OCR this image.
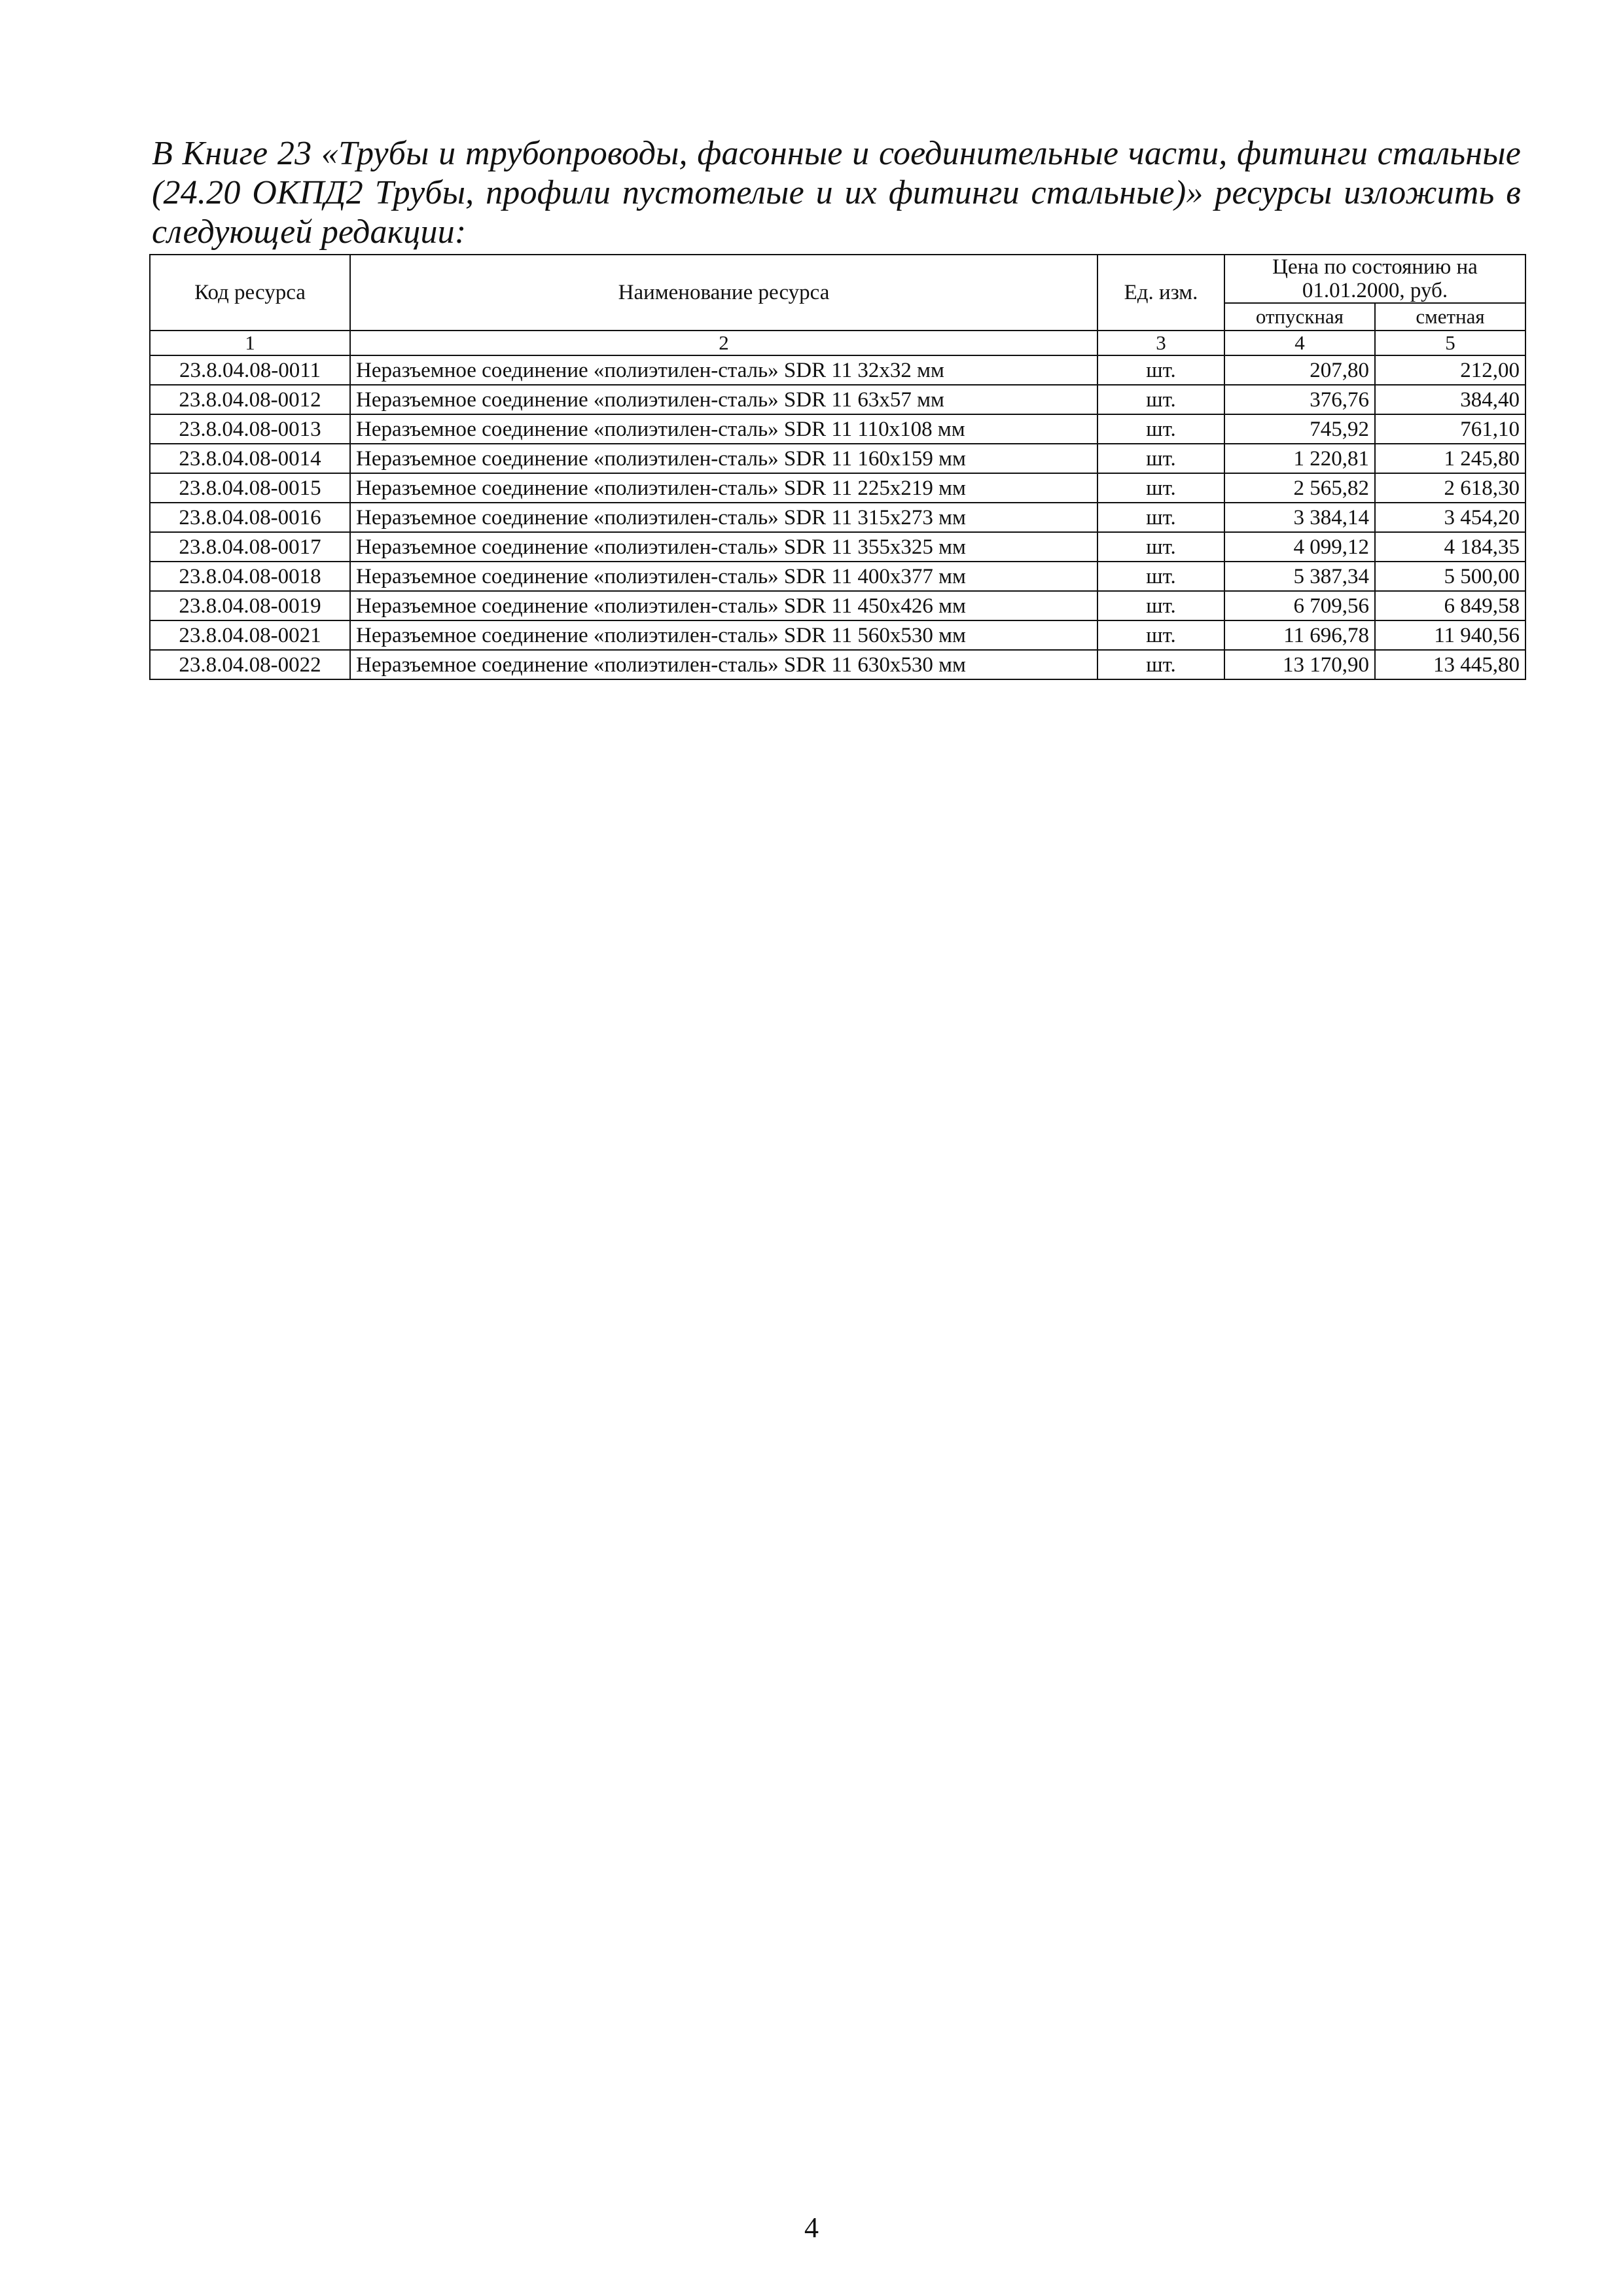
В Книге 23 «Трубы и трубопроводы, фасонные и соединительные части, фитинги стальные (24.20 ОКПД2 Трубы, профили пустотелые и их фитинги стальные)» ресурсы изложить в следующей редакции:

Код ресурса	Наименование ресурса	Ед. изм.	Цена по состоянию на 01.01.2000, руб.	
			отпускная	сметная
1	2	3	4	5
23.8.04.08-0011	Неразъемное соединение «полиэтилен-сталь» SDR 11 32х32 мм	шт.	207,80	212,00
23.8.04.08-0012	Неразъемное соединение «полиэтилен-сталь» SDR 11 63х57 мм	шт.	376,76	384,40
23.8.04.08-0013	Неразъемное соединение «полиэтилен-сталь» SDR 11 110х108 мм	шт.	745,92	761,10
23.8.04.08-0014	Неразъемное соединение «полиэтилен-сталь» SDR 11 160х159 мм	шт.	1 220,81	1 245,80
23.8.04.08-0015	Неразъемное соединение «полиэтилен-сталь» SDR 11 225х219 мм	шт.	2 565,82	2 618,30
23.8.04.08-0016	Неразъемное соединение «полиэтилен-сталь» SDR 11 315х273 мм	шт.	3 384,14	3 454,20
23.8.04.08-0017	Неразъемное соединение «полиэтилен-сталь» SDR 11 355х325 мм	шт.	4 099,12	4 184,35
23.8.04.08-0018	Неразъемное соединение «полиэтилен-сталь» SDR 11 400х377 мм	шт.	5 387,34	5 500,00
23.8.04.08-0019	Неразъемное соединение «полиэтилен-сталь» SDR 11 450х426 мм	шт.	6 709,56	6 849,58
23.8.04.08-0021	Неразъемное соединение «полиэтилен-сталь» SDR 11 560х530 мм	шт.	11 696,78	11 940,56
23.8.04.08-0022	Неразъемное соединение «полиэтилен-сталь» SDR 11 630х530 мм	шт.	13 170,90	13 445,80
4
